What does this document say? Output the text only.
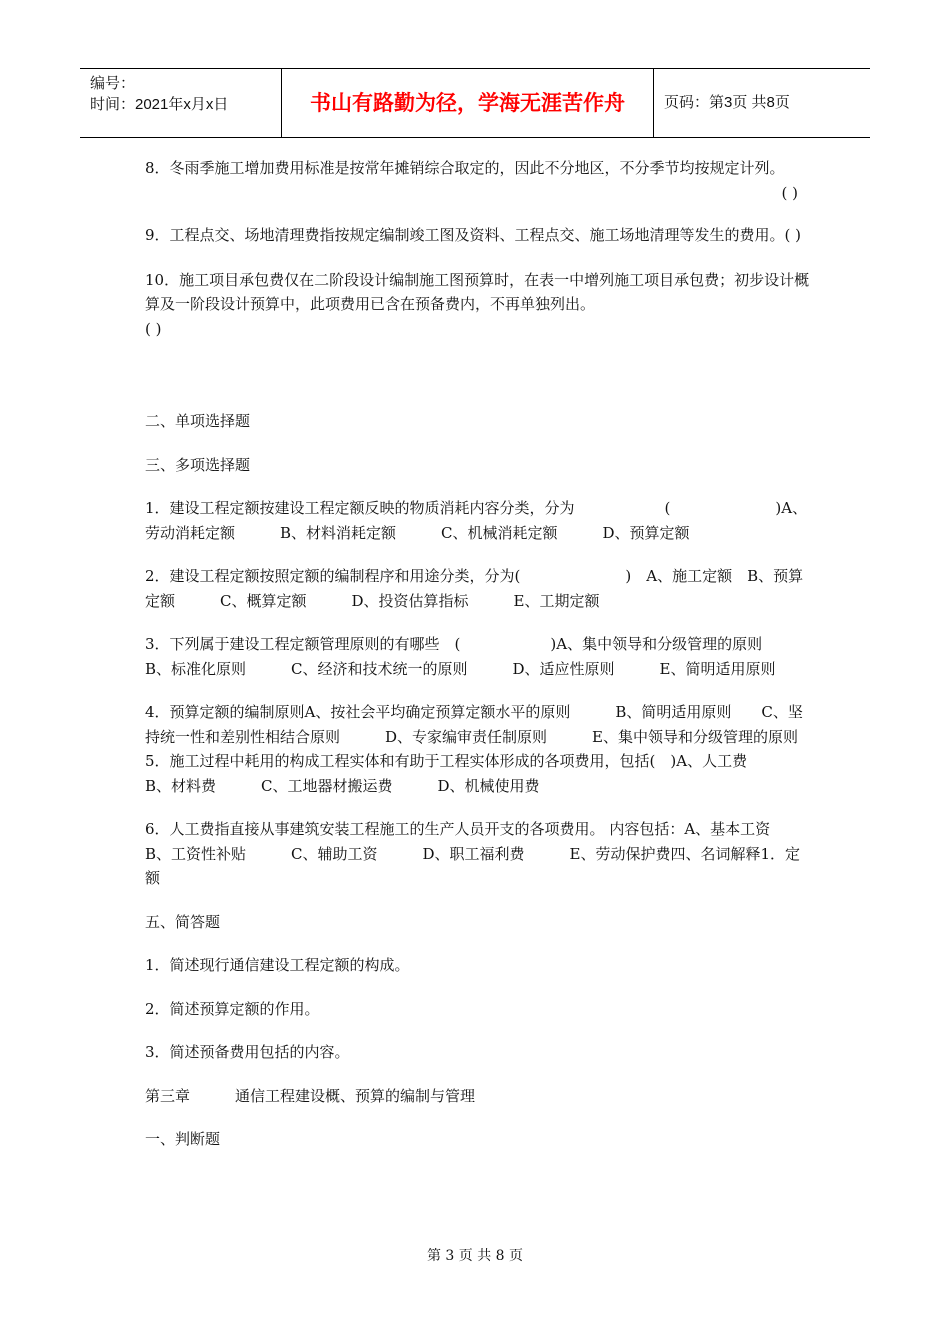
编号：
时间：2021年x月x日	书山有路勤为径，学海无涯苦作舟	页码：第3页 共8页

8．冬雨季施工增加费用标准是按常年摊销综合取定的，因此不分地区，不分季节均按规定计列。
( )

9．工程点交、场地清理费指按规定编制竣工图及资料、工程点交、施工场地清理等发生的费用。( )

10．施工项目承包费仅在二阶段设计编制施工图预算时，在表一中增列施工项目承包费；初步设计概算及一阶段设计预算中，此项费用已含在预备费内，不再单独列出。
( )

二、单项选择题

三、多项选择题

1．建设工程定额按建设工程定额反映的物质消耗内容分类，分为　　　　　　(　　　　　　　)A、劳动消耗定额　　　B、材料消耗定额　　　C、机械消耗定额　　　D、预算定额

2．建设工程定额按照定额的编制程序和用途分类，分为(　　　　　　　)　A、施工定额　B、预算定额　　　C、概算定额　　　D、投资估算指标　　　E、工期定额

3．下列属于建设工程定额管理原则的有哪些　(　　　　　　)A、集中领导和分级管理的原则　　　B、标准化原则　　　C、经济和技术统一的原则　　　D、适应性原则　　　E、简明适用原则

4．预算定额的编制原则A、按社会平均确定预算定额水平的原则　　　B、简明适用原则　　C、坚持统一性和差别性相结合原则　　　D、专家编审责任制原则　　　E、集中领导和分级管理的原则5．施工过程中耗用的构成工程实体和有助于工程实体形成的各项费用，包括(　)A、人工费　　　B、材料费　　　C、工地器材搬运费　　　D、机械使用费

6．人工费指直接从事建筑安装工程施工的生产人员开支的各项费用。 内容包括：A、基本工资　　B、工资性补贴　　　C、辅助工资　　　D、职工福利费　　　E、劳动保护费四、名词解释1．定额

五、简答题

1．简述现行通信建设工程定额的构成。

2．简述预算定额的作用。

3．简述预备费用包括的内容。

第三章　　　通信工程建设概、预算的编制与管理

一、判断题

第 3 页 共 8 页
